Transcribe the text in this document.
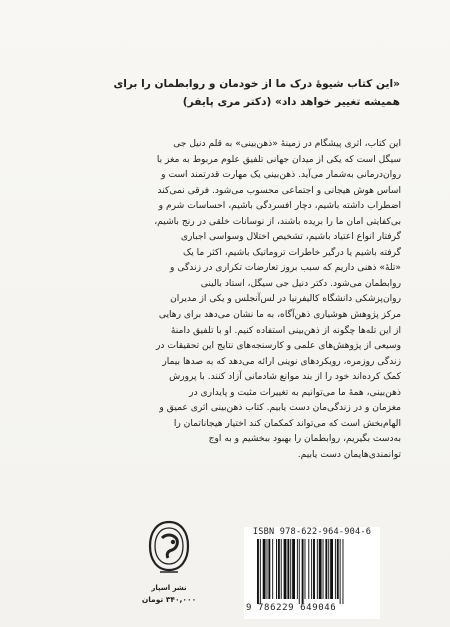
«این کتاب شیوۀ درک ما از خودمان و روابطمان را برای
همیشه تغییر خواهد داد» (دکتر مری پایفر)
این کتاب، اثری پیشگام در زمینۀ «ذهن‌بینی» به قلم دنیل جی
سیگل است که یکی از میدان جهانی تلفیق علوم مربوط به مغز با
روان‌درمانی به‌شمار می‌آید. ذهن‌بینی یک مهارت قدرتمند است و
اساس هوش هیجانی و اجتماعی محسوب می‌شود. فرقی نمی‌کند
اضطراب داشته باشیم، دچار افسردگی باشیم، احساسات شرم و
بی‌کفایتی امان ما را بریده باشند، از نوسانات خلقی در رنج باشیم،
گرفتار انواع اعتیاد باشیم، تشخیص اختلال وسواسی اجباری
گرفته باشیم یا درگیر خاطرات تروماتیک باشیم، اکثر ما یک
«تلۀ» ذهنی داریم که سبب بروز تعارضات تکراری در زندگی و
روابطمان می‌شود. دکتر دنیل جی سیگل، استاد بالینی
روان‌پزشکی دانشگاه کالیفرنیا در لس‌آنجلس و یکی از مدیران
مرکز پژوهش هوشیاری ذهن‌آگاه، به ما نشان می‌دهد برای رهایی
از این تله‌ها چگونه از ذهن‌بینی استفاده کنیم. او با تلفیق دامنۀ
وسیعی از پژوهش‌های علمی و کارسنجه‌های نتایج این تحقیقات در
زندگی روزمره، رویکردهای نوینی ارائه می‌دهد که به صدها بیمار
کمک کرده‌اند خود را از بند موانع شادمانی آزاد کنند. با پرورش
ذهن‌بینی، همۀ ما می‌توانیم به تغییرات مثبت و پایداری در
مغزمان و در زندگی‌مان دست یابیم. کتاب ذهن‌بینی اثری عمیق و
الهام‌بخش است که می‌تواند کمکمان کند اختیار هیجاناتمان را
به‌دست بگیریم، روابطمان را بهبود ببخشیم و به اوج
توانمندی‌هایمان دست یابیم.
نشر اسپار
۳۴۰,۰۰۰ تومان
ISBN 978-622-964-904-6
9 786229 649046
